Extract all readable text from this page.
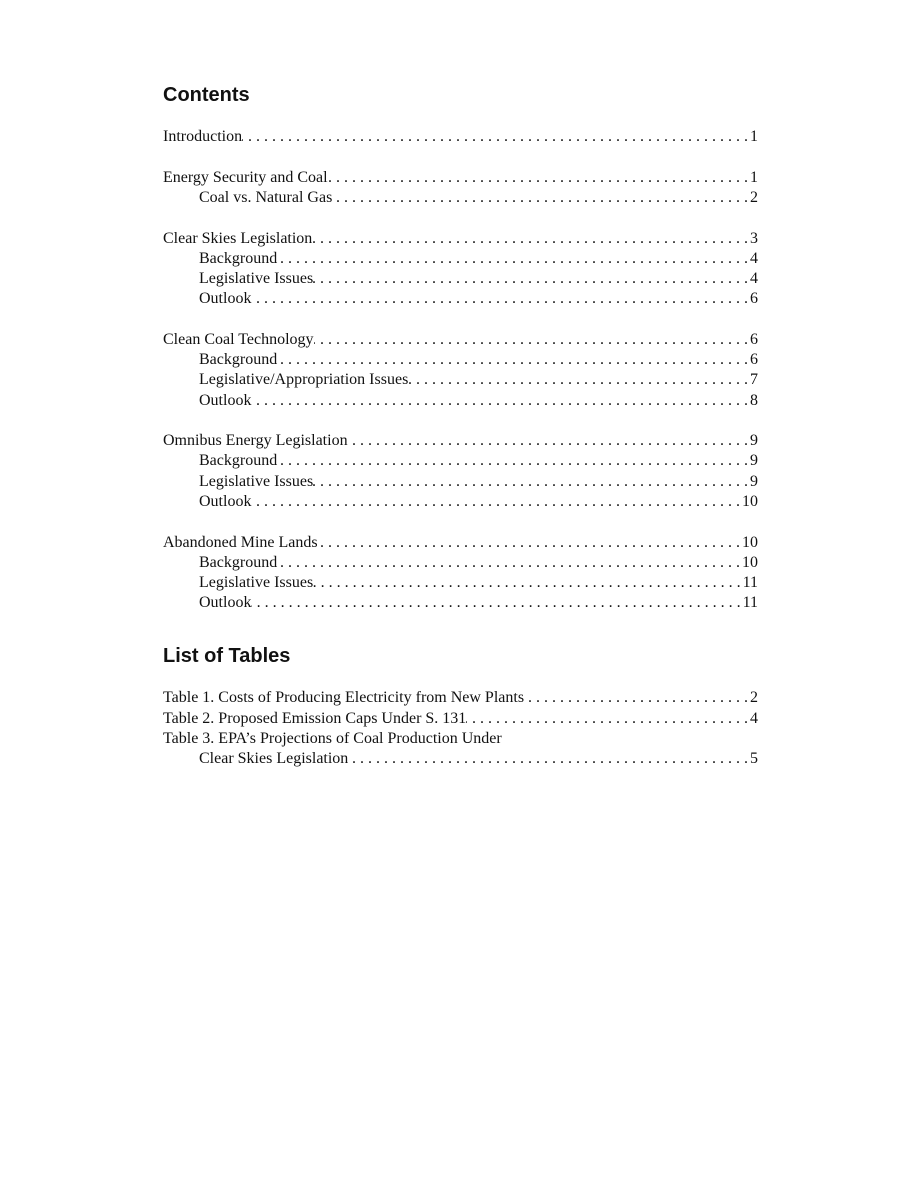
Contents
Introduction . . .	1
Energy Security and Coal . . .	1
Coal vs. Natural Gas . . .	2
Clear Skies Legislation . . .	3
Background . . .	4
Legislative Issues . . .	4
Outlook . . .	6
Clean Coal Technology . . .	6
Background . . .	6
Legislative/Appropriation Issues . . .	7
Outlook . . .	8
Omnibus Energy Legislation . . .	9
Background . . .	9
Legislative Issues . . .	9
Outlook . . .	10
Abandoned Mine Lands . . .	10
Background . . .	10
Legislative Issues . . .	11
Outlook . . .	11
List of Tables
Table 1. Costs of Producing Electricity from New Plants . . .	2
Table 2. Proposed Emission Caps Under S. 131 . . .	4
Table 3. EPA’s Projections of Coal Production Under
Clear Skies Legislation . . .	5
